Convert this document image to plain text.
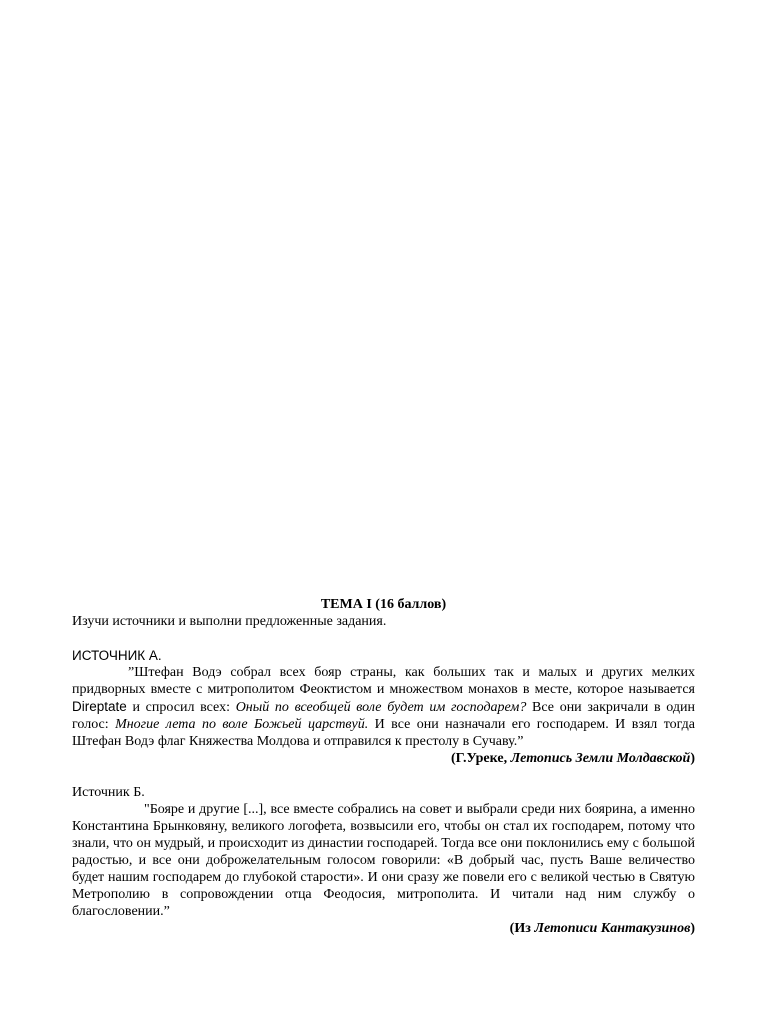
ТЕМА I (16 баллов)

Изучи источники и выполни предложенные задания.

ИСТОЧНИК А.

”Штефан Водэ собрал всех бояр страны, как больших так и малых и других мелких придворных вместе с митрополитом Феоктистом и множеством монахов в месте, которое называется Direptate и спросил всех: Оный по всеобщей воле будет им господарем? Все они закричали в один голос: Многие лета по воле Божьей царствуй. И все они назначали его господарем. И взял тогда Штефан Водэ флаг Княжества Молдова и отправился к престолу в Сучаву.”

(Г.Уреке, Летопись Земли Молдавской)

Источник Б.

"Бояре и другие [...], все вместе собрались на совет и выбрали среди них боярина, а именно Константина Брынковяну, великого логофета, возвысили его, чтобы он стал их господарем, потому что знали, что он мудрый, и происходит из династии господарей. Тогда все они поклонились ему с большой радостью, и все они доброжелательным голосом говорили: «В добрый час, пусть Ваше величество будет нашим господарем до глубокой старости». И они сразу же повели его с великой честью в Святую Метрополию в сопровождении отца Феодосия, митрополита. И читали над ним службу о благословении.”

(Из Летописи Кантакузинов)
